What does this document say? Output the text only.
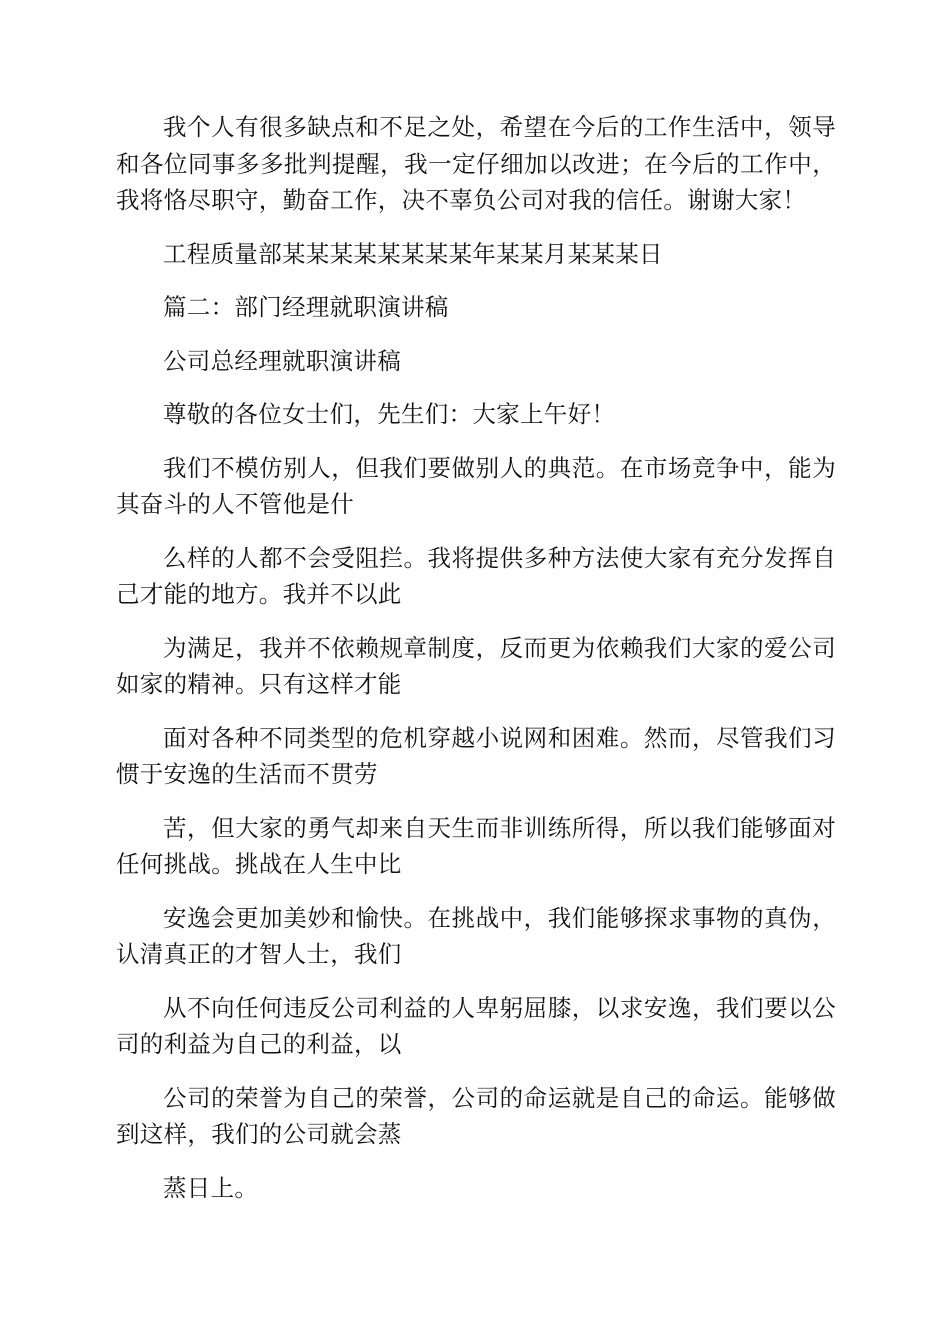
我个人有很多缺点和不足之处，希望在今后的工作生活中，领导和各位同事多多批判提醒，我一定仔细加以改进；在今后的工作中，我将恪尽职守，勤奋工作，决不辜负公司对我的信任。谢谢大家！

工程质量部某某某某某某某某年某某月某某某日

篇二：部门经理就职演讲稿

公司总经理就职演讲稿

尊敬的各位女士们，先生们：大家上午好！

我们不模仿别人，但我们要做别人的典范。在市场竞争中，能为其奋斗的人不管他是什

么样的人都不会受阻拦。我将提供多种方法使大家有充分发挥自己才能的地方。我并不以此

为满足，我并不依赖规章制度，反而更为依赖我们大家的爱公司如家的精神。只有这样才能

面对各种不同类型的危机穿越小说网和困难。然而，尽管我们习惯于安逸的生活而不贯劳

苦，但大家的勇气却来自天生而非训练所得，所以我们能够面对任何挑战。挑战在人生中比

安逸会更加美妙和愉快。在挑战中，我们能够探求事物的真伪，认清真正的才智人士，我们

从不向任何违反公司利益的人卑躬屈膝，以求安逸，我们要以公司的利益为自己的利益，以

公司的荣誉为自己的荣誉，公司的命运就是自己的命运。能够做到这样，我们的公司就会蒸

蒸日上。
